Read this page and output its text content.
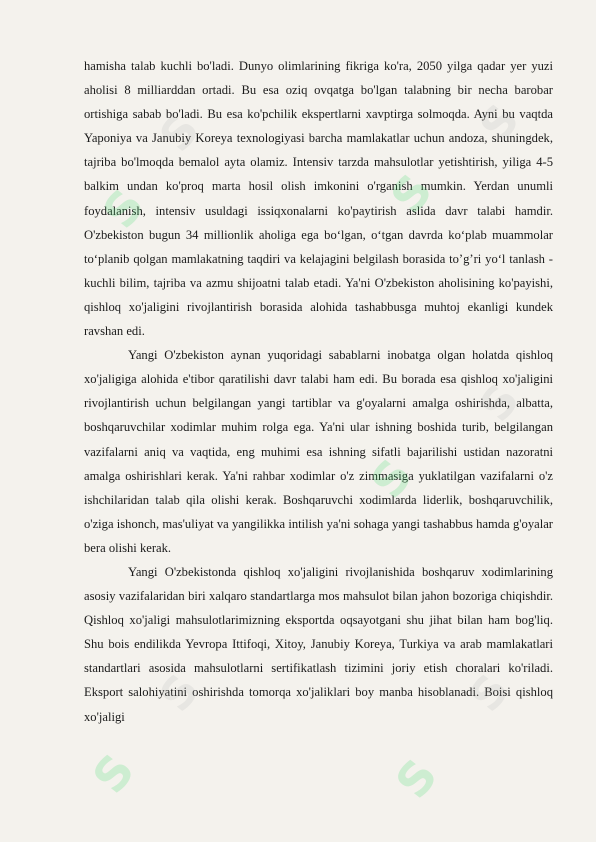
hamisha talab kuchli bo'ladi. Dunyo olimlarining fikriga ko'ra, 2050 yilga qadar yer yuzi aholisi 8 milliarddan ortadi. Bu esa oziq ovqatga bo'lgan talabning bir necha barobar ortishiga sabab bo'ladi. Bu esa ko'pchilik ekspertlarni xavptirga solmoqda. Ayni bu vaqtda Yaponiya va Janubiy Koreya texnologiyasi barcha mamlakatlar uchun andoza, shuningdek, tajriba bo'lmoqda bemalol ayta olamiz. Intensiv tarzda mahsulotlar yetishtirish, yiliga 4-5 balkim undan ko'proq marta hosil olish imkonini o'rganish mumkin. Yerdan unumli foydalanish, intensiv usuldagi issiqxonalarni ko'paytirish aslida davr talabi hamdir. O'zbekiston bugun 34 millionlik aholiga ega bo‘lgan, o‘tgan davrda ko‘plab muammolar to‘planib qolgan mamlakatning taqdiri va kelajagini belgilash borasida to’g’ri yo‘l tanlash - kuchli bilim, tajriba va azmu shijoatni talab etadi. Ya'ni O'zbekiston aholisining ko'payishi, qishloq xo'jaligini rivojlantirish borasida alohida tashabbusga muhtoj ekanligi kundek ravshan edi.

Yangi O'zbekiston aynan yuqoridagi sabablarni inobatga olgan holatda qishloq xo'jaligiga alohida e'tibor qaratilishi davr talabi ham edi. Bu borada esa qishloq xo'jaligini rivojlantirish uchun belgilangan yangi tartiblar va g'oyalarni amalga oshirishda, albatta, boshqaruvchilar xodimlar muhim rolga ega. Ya'ni ular ishning boshida turib, belgilangan vazifalarni aniq va vaqtida, eng muhimi esa ishning sifatli bajarilishi ustidan nazoratni amalga oshirishlari kerak. Ya'ni rahbar xodimlar o'z zimmasiga yuklatilgan vazifalarni o'z ishchilaridan talab qila olishi kerak. Boshqaruvchi xodimlarda liderlik, boshqaruvchilik, o'ziga ishonch, mas'uliyat va yangilikka intilish ya'ni sohaga yangi tashabbus hamda g'oyalar bera olishi kerak.

Yangi O'zbekistonda qishloq xo'jaligini rivojlanishida boshqaruv xodimlarining asosiy vazifalaridan biri xalqaro standartlarga mos mahsulot bilan jahon bozoriga chiqishdir. Qishloq xo'jaligi mahsulotlarimizning eksportda oqsayotgani shu jihat bilan ham bog'liq. Shu bois endilikda Yevropa Ittifoqi, Xitoy, Janubiy Koreya, Turkiya va arab mamlakatlari standartlari asosida mahsulotlarni sertifikatlash tizimini joriy etish choralari ko'riladi. Eksport salohiyatini oshirishda tomorqa xo'jaliklari boy manba hisoblanadi. Boisi qishloq xo'jaligi

S	S
S
S	S
S	S
S
S	S
